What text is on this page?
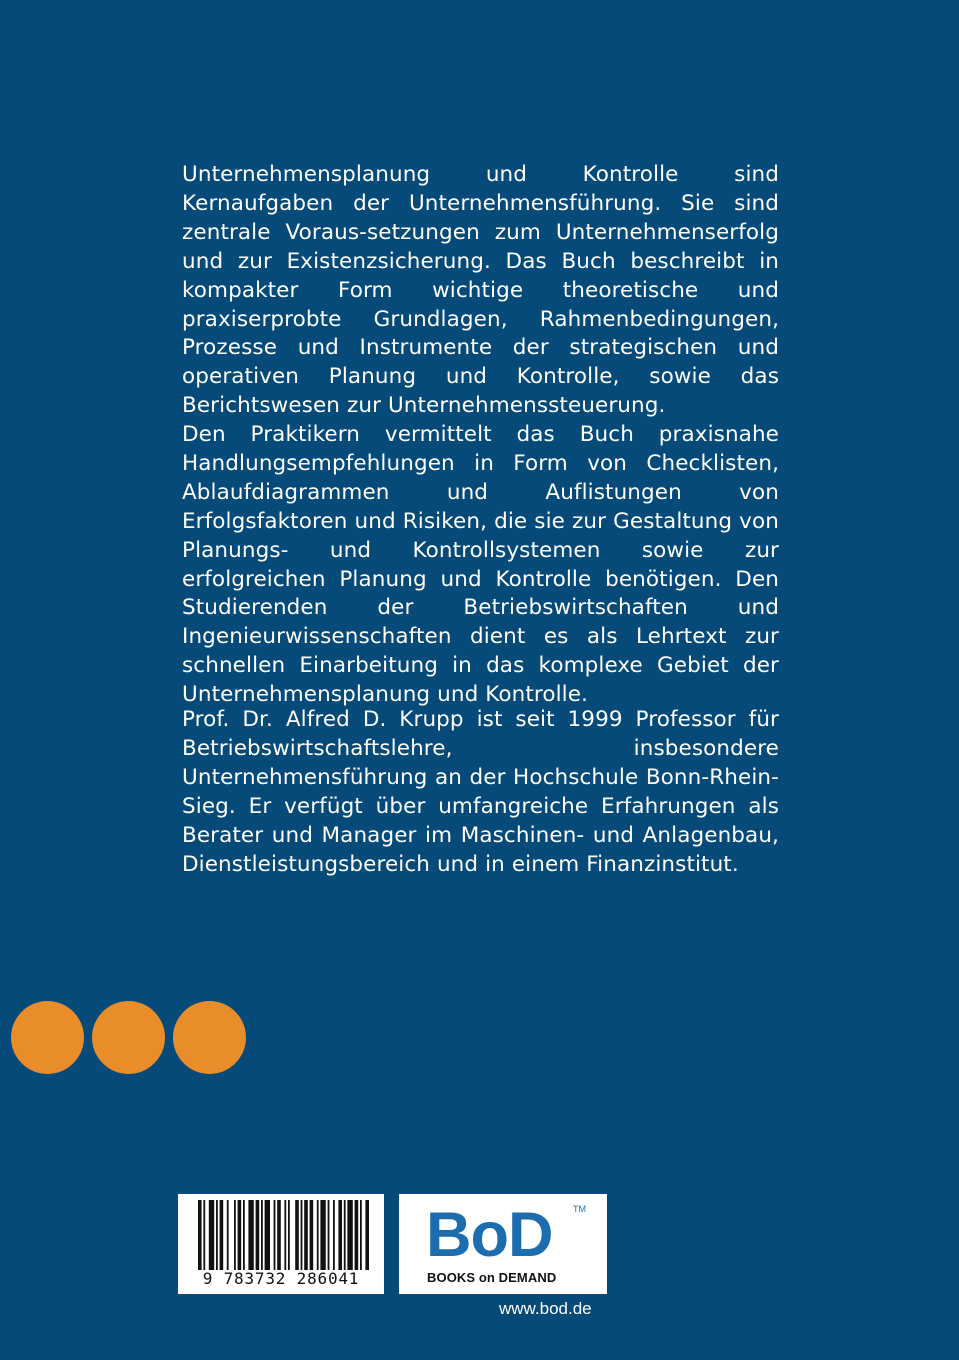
Unternehmensplanung und Kontrolle sind Kernaufgaben der Unternehmensführung. Sie sind zentrale Voraus-setzungen zum Unternehmenserfolg und zur Existenzsicherung. Das Buch beschreibt in kompakter Form wichtige theoretische und praxiserprobte Grundlagen, Rahmenbedingungen, Prozesse und Instrumente der strategischen und operativen Planung und Kontrolle, sowie das Berichtswesen zur Unternehmenssteuerung.

Den Praktikern vermittelt das Buch praxisnahe Handlungsempfehlungen in Form von Checklisten, Ablaufdiagrammen und Auflistungen von Erfolgsfaktoren und Risiken, die sie zur Gestaltung von Planungs- und Kontrollsystemen sowie zur erfolgreichen Planung und Kontrolle benötigen. Den Studierenden der Betriebswirtschaften und Ingenieurwissenschaften dient es als Lehrtext zur schnellen Einarbeitung in das komplexe Gebiet der Unternehmensplanung und Kontrolle.

Prof. Dr. Alfred D. Krupp ist seit 1999 Professor für Betriebswirtschaftslehre, insbesondere Unternehmensführung an der Hochschule Bonn-Rhein-Sieg. Er verfügt über umfangreiche Erfahrungen als Berater und Manager im Maschinen- und Anlagenbau, Dienstleistungsbereich und in einem Finanzinstitut.

9 783732 286041
BoD TM
BOOKS on DEMAND
www.bod.de
